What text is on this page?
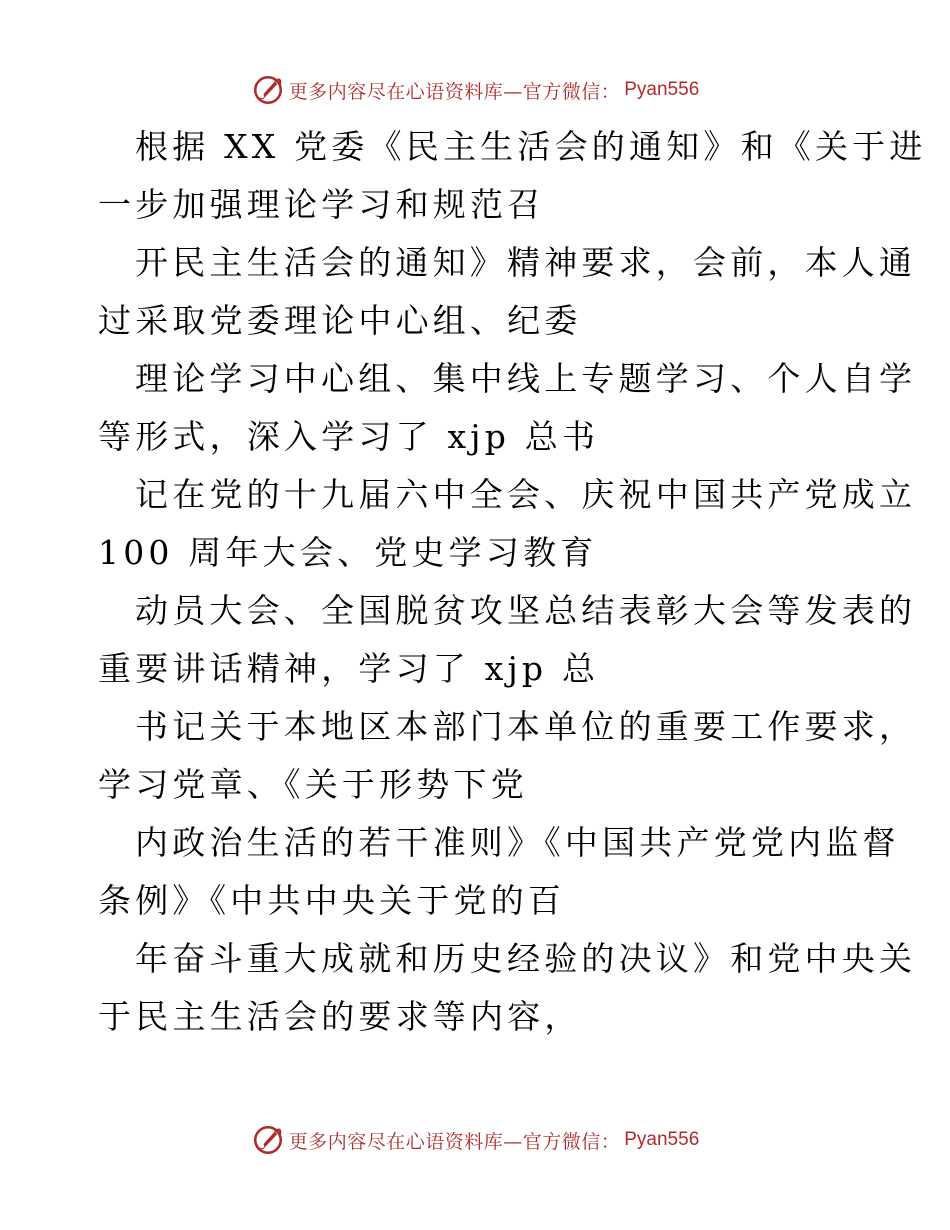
更多内容尽在心语资料库—官方微信： Pyan556
根据 XX 党委《民主生活会的通知》和《关于进
一步加强理论学习和规范召
开民主生活会的通知》精神要求，会前，本人通
过采取党委理论中心组、纪委
理论学习中心组、集中线上专题学习、个人自学
等形式，深入学习了 xjp 总书
记在党的十九届六中全会、庆祝中国共产党成立
100 周年大会、党史学习教育
动员大会、全国脱贫攻坚总结表彰大会等发表的
重要讲话精神，学习了 xjp 总
书记关于本地区本部门本单位的重要工作要求，
学习党章、《关于形势下党
内政治生活的若干准则》《中国共产党党内监督
条例》《中共中央关于党的百
年奋斗重大成就和历史经验的决议》和党中央关
于民主生活会的要求等内容，
更多内容尽在心语资料库—官方微信： Pyan556
